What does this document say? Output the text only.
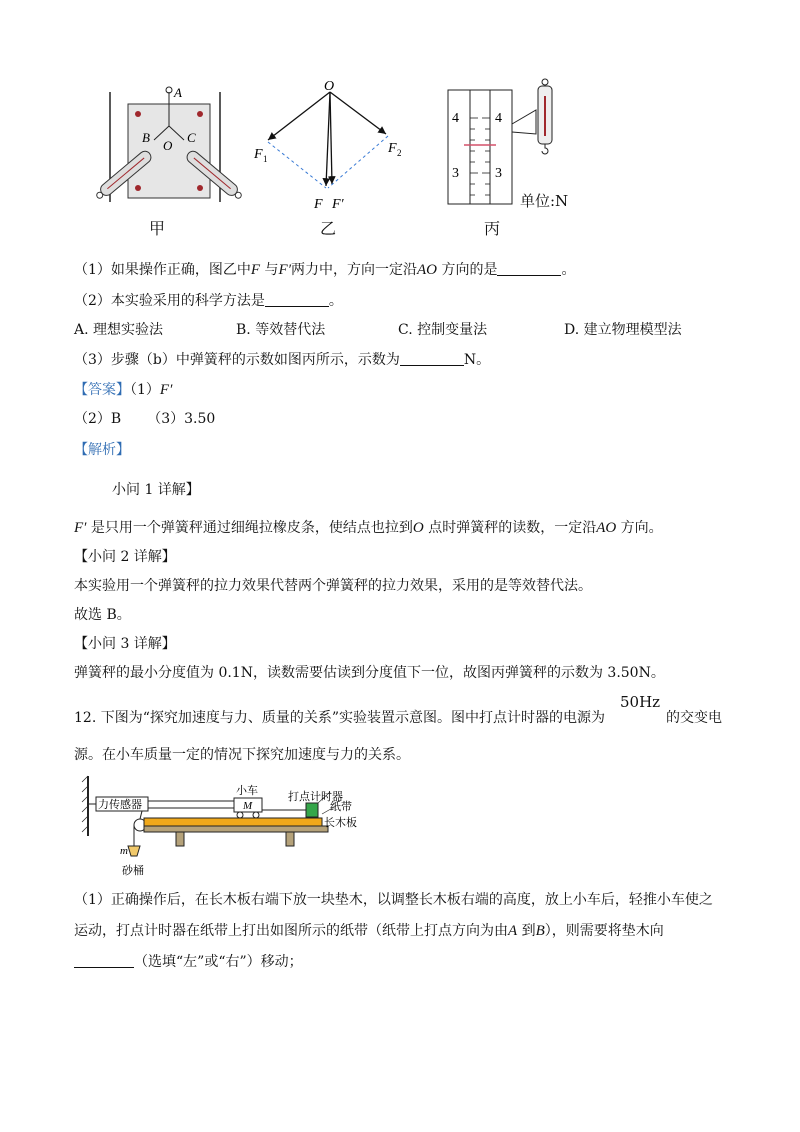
A
B	C
O
甲
O
F 1
F 2
F F′
乙
4	4
3	3
单位:N
丙
（1）如果操作正确，图乙中F 与F′两力中，方向一定沿AO 方向的是	。
（2）本实验采用的科学方法是	。
A. 理想实验法	B. 等效替代法	C. 控制变量法	D. 建立物理模型法
（3）步骤（b）中弹簧秤的示数如图丙所示，示数为	N。
【答案】（1）F′
（2）B （3）3.50
【解析】
小问 1 详解】
F′ 是只用一个弹簧秤通过细绳拉橡皮条，使结点也拉到O 点时弹簧秤的读数，一定沿AO 方向。
【小问 2 详解】
本实验用一个弹簧秤的拉力效果代替两个弹簧秤的拉力效果，采用的是等效替代法。
故选 B。
【小问 3 详解】
弹簧秤的最小分度值为 0.1N，读数需要估读到分度值下一位，故图丙弹簧秤的示数为 3.50N。
12. 下图为“探究加速度与力、质量的关系”实验装置示意图。图中打点计时器的电源为
50Hz
的交变电
源。在小车质量一定的情况下探究加速度与力的关系。
力传感器
小车
M
打点计时器
纸带
长木板
m
砂桶
（1）正确操作后，在长木板右端下放一块垫木，以调整长木板右端的高度，放上小车后，轻推小车使之
运动，打点计时器在纸带上打出如图所示的纸带（纸带上打点方向为由A 到B），则需要将垫木向
（选填“左”或“右”）移动；
